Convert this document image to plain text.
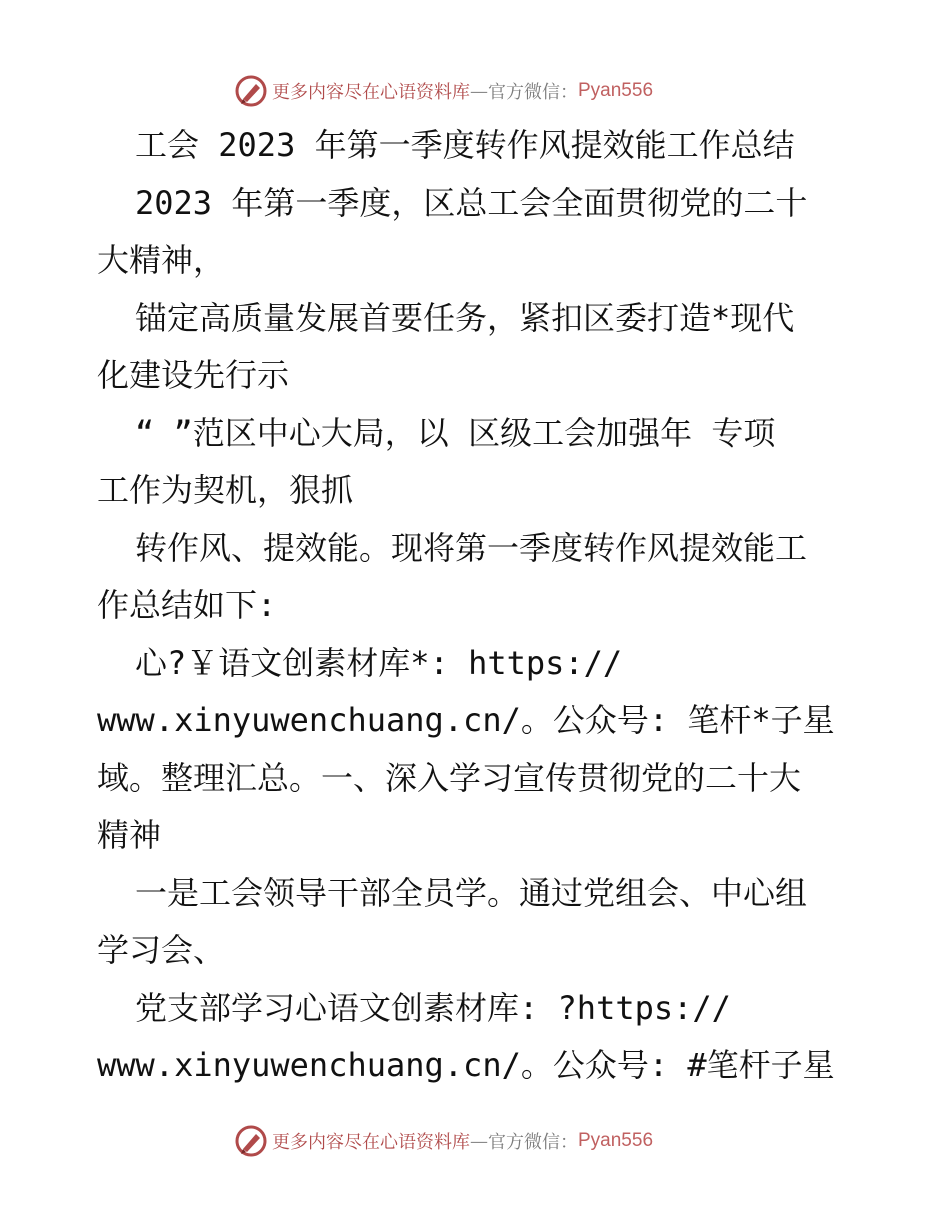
更多内容尽在心语资料库 — 官方微信： Pyan556
工会 2023 年第一季度转作风提效能工作总结
2023 年第一季度，区总工会全面贯彻党的二十
大精神，
锚定高质量发展首要任务，紧扣区委打造*现代
化建设先行示
“ ”范区中心大局，以 区级工会加强年 专项
工作为契机，狠抓
转作风、提效能。现将第一季度转作风提效能工
作总结如下:
心?￥语文创素材库*: https://
www.xinyuwenchuang.cn/。公众号: 笔杆*子星
域。整理汇总。一、深入学习宣传贯彻党的二十大
精神
一是工会领导干部全员学。通过党组会、中心组
学习会、
党支部学习心语文创素材库: ?https://
www.xinyuwenchuang.cn/。公众号: #笔杆子星
更多内容尽在心语资料库 — 官方微信： Pyan556
